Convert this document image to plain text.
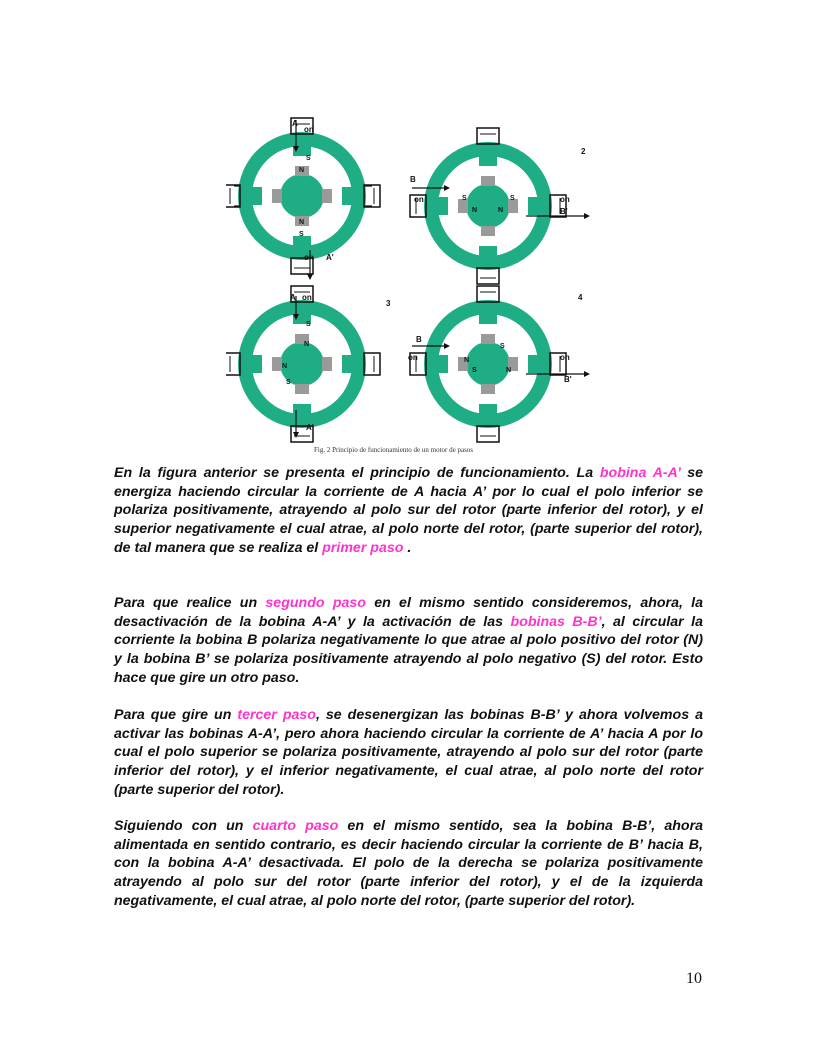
A
on
on A'
N
N
S
S
B
on	on
B'
2
S	S
N	N
A on
A'
3
S
N
N
S
B
on	on
B'
4
N
S
S
N
Fig. 2 Principio de funcionamiento de un motor de pasos

En la figura anterior se presenta el principio de funcionamiento. La bobina A-A’ se energiza haciendo circular la corriente de A hacia A’ por lo cual el polo inferior se polariza positivamente, atrayendo al polo sur del rotor (parte inferior del rotor), y el superior negativamente el cual atrae, al polo norte del rotor, (parte superior del rotor), de tal manera que se realiza el primer paso .

Para que realice un segundo paso en el mismo sentido consideremos, ahora, la desactivación de la bobina A-A’ y la activación de las bobinas B-B’, al circular la corriente la bobina B polariza negativamente lo que atrae al polo positivo del rotor (N) y la bobina B’ se polariza positivamente atrayendo al polo negativo (S) del rotor. Esto hace que gire un otro paso.

Para que gire un tercer paso, se desenergizan las bobinas B-B’ y ahora volvemos a activar las bobinas A-A’, pero ahora haciendo circular la corriente de A’ hacia A por lo cual el polo superior se polariza positivamente, atrayendo al polo sur del rotor (parte inferior del rotor), y el inferior negativamente, el cual atrae, al polo norte del rotor (parte superior del rotor).

Siguiendo con un cuarto paso en el mismo sentido, sea la bobina B-B’, ahora alimentada en sentido contrario, es decir haciendo circular la corriente de B’ hacia B, con la bobina A-A’ desactivada. El polo de la derecha se polariza positivamente atrayendo al polo sur del rotor (parte inferior del rotor), y el de la izquierda negativamente, el cual atrae, al polo norte del rotor, (parte superior del rotor).

10
